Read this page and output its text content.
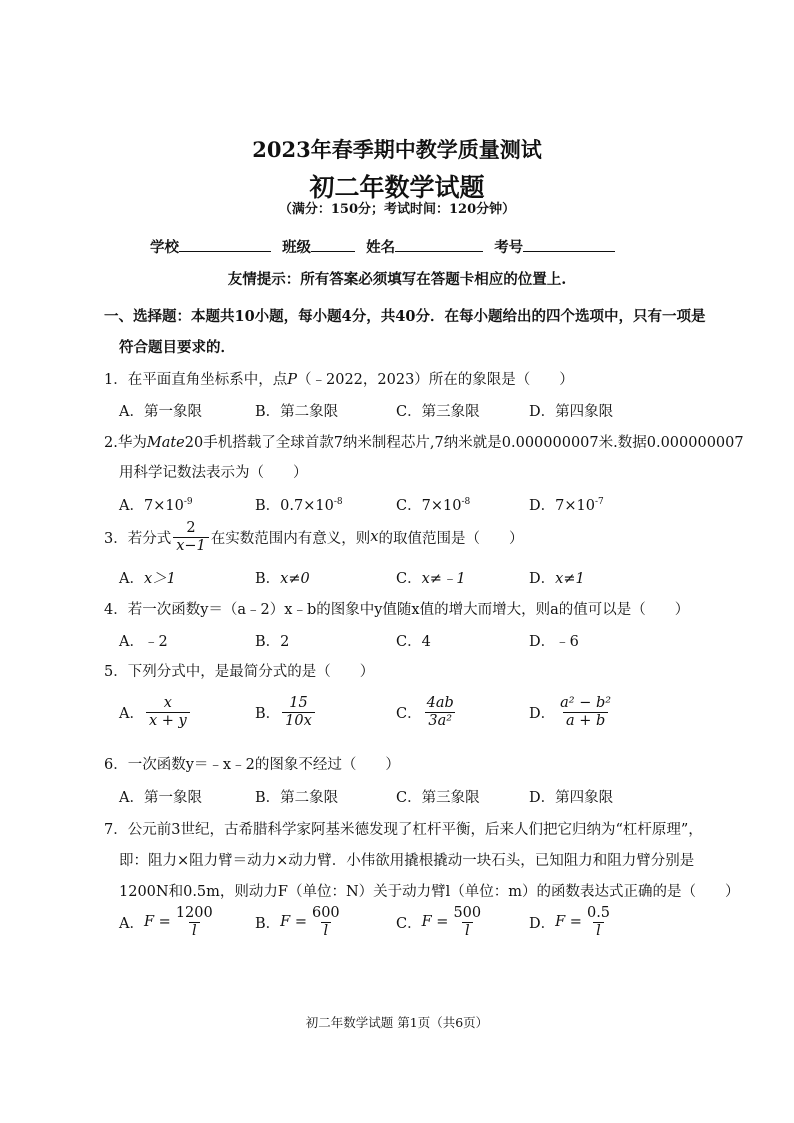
2023年春季期中教学质量测试
初二年数学试题
（满分：150分；考试时间：120分钟）
学校	班级	姓名	考号
友情提示：所有答案必须填写在答题卡相应的位置上.
一、选择题：本题共10小题，每小题4分，共40分．在每小题给出的四个选项中，只有一项是
符合题目要求的．
1．在平面直角坐标系中，点P（﹣2022，2023）所在的象限是（　　）
A．第一象限	B．第二象限	C．第三象限	D．第四象限
2.华为Mate20手机搭载了全球首款7纳米制程芯片,7纳米就是0.000000007米.数据0.000000007
用科学记数法表示为（　　）
A．$7\times 10^{-9}$	B．$0.7\times 10^{-8}$	C．$7\times 10^{-8}$	D．$7\times 10^{-7}$
3．若分式 $\frac{2}{x-1}$ 在实数范围内有意义，则 x 的取值范围是（　　）
A．x＞1	B．x≠0	C．x≠﹣1	D．x≠1
4．若一次函数y＝（a﹣2）x﹣b的图象中y值随x值的增大而增大，则a的值可以是（　　）
A．﹣2	B．2	C．4	D．﹣6
5．下列分式中，是最简分式的是（　　）
A． $\frac{x}{x + y}$	B． $\frac{15}{10x}$	C． $\frac{4ab}{\text{3a²}}$	D． $\frac{\text{a² − b²}}{a + b}$
6．一次函数y＝﹣x﹣2的图象不经过（　　）
A．第一象限	B．第二象限	C．第三象限	D．第四象限
7．公元前3世纪，古希腊科学家阿基米德发现了杠杆平衡，后来人们把它归纳为“杠杆原理”，
即：阻力×阻力臂＝动力×动力臂．小伟欲用撬根撬动一块石头，已知阻力和阻力臂分别是
1200N和0.5m，则动力F（单位：N）关于动力臂l（单位：m）的函数表达式正确的是（　　）
A． $F = \frac{1200}{l}$	B． $F = \frac{600}{l}$	C． $F = \frac{500}{l}$	D． $F = \frac{0.5}{l}$
初二年数学试题 第1页（共6页）
